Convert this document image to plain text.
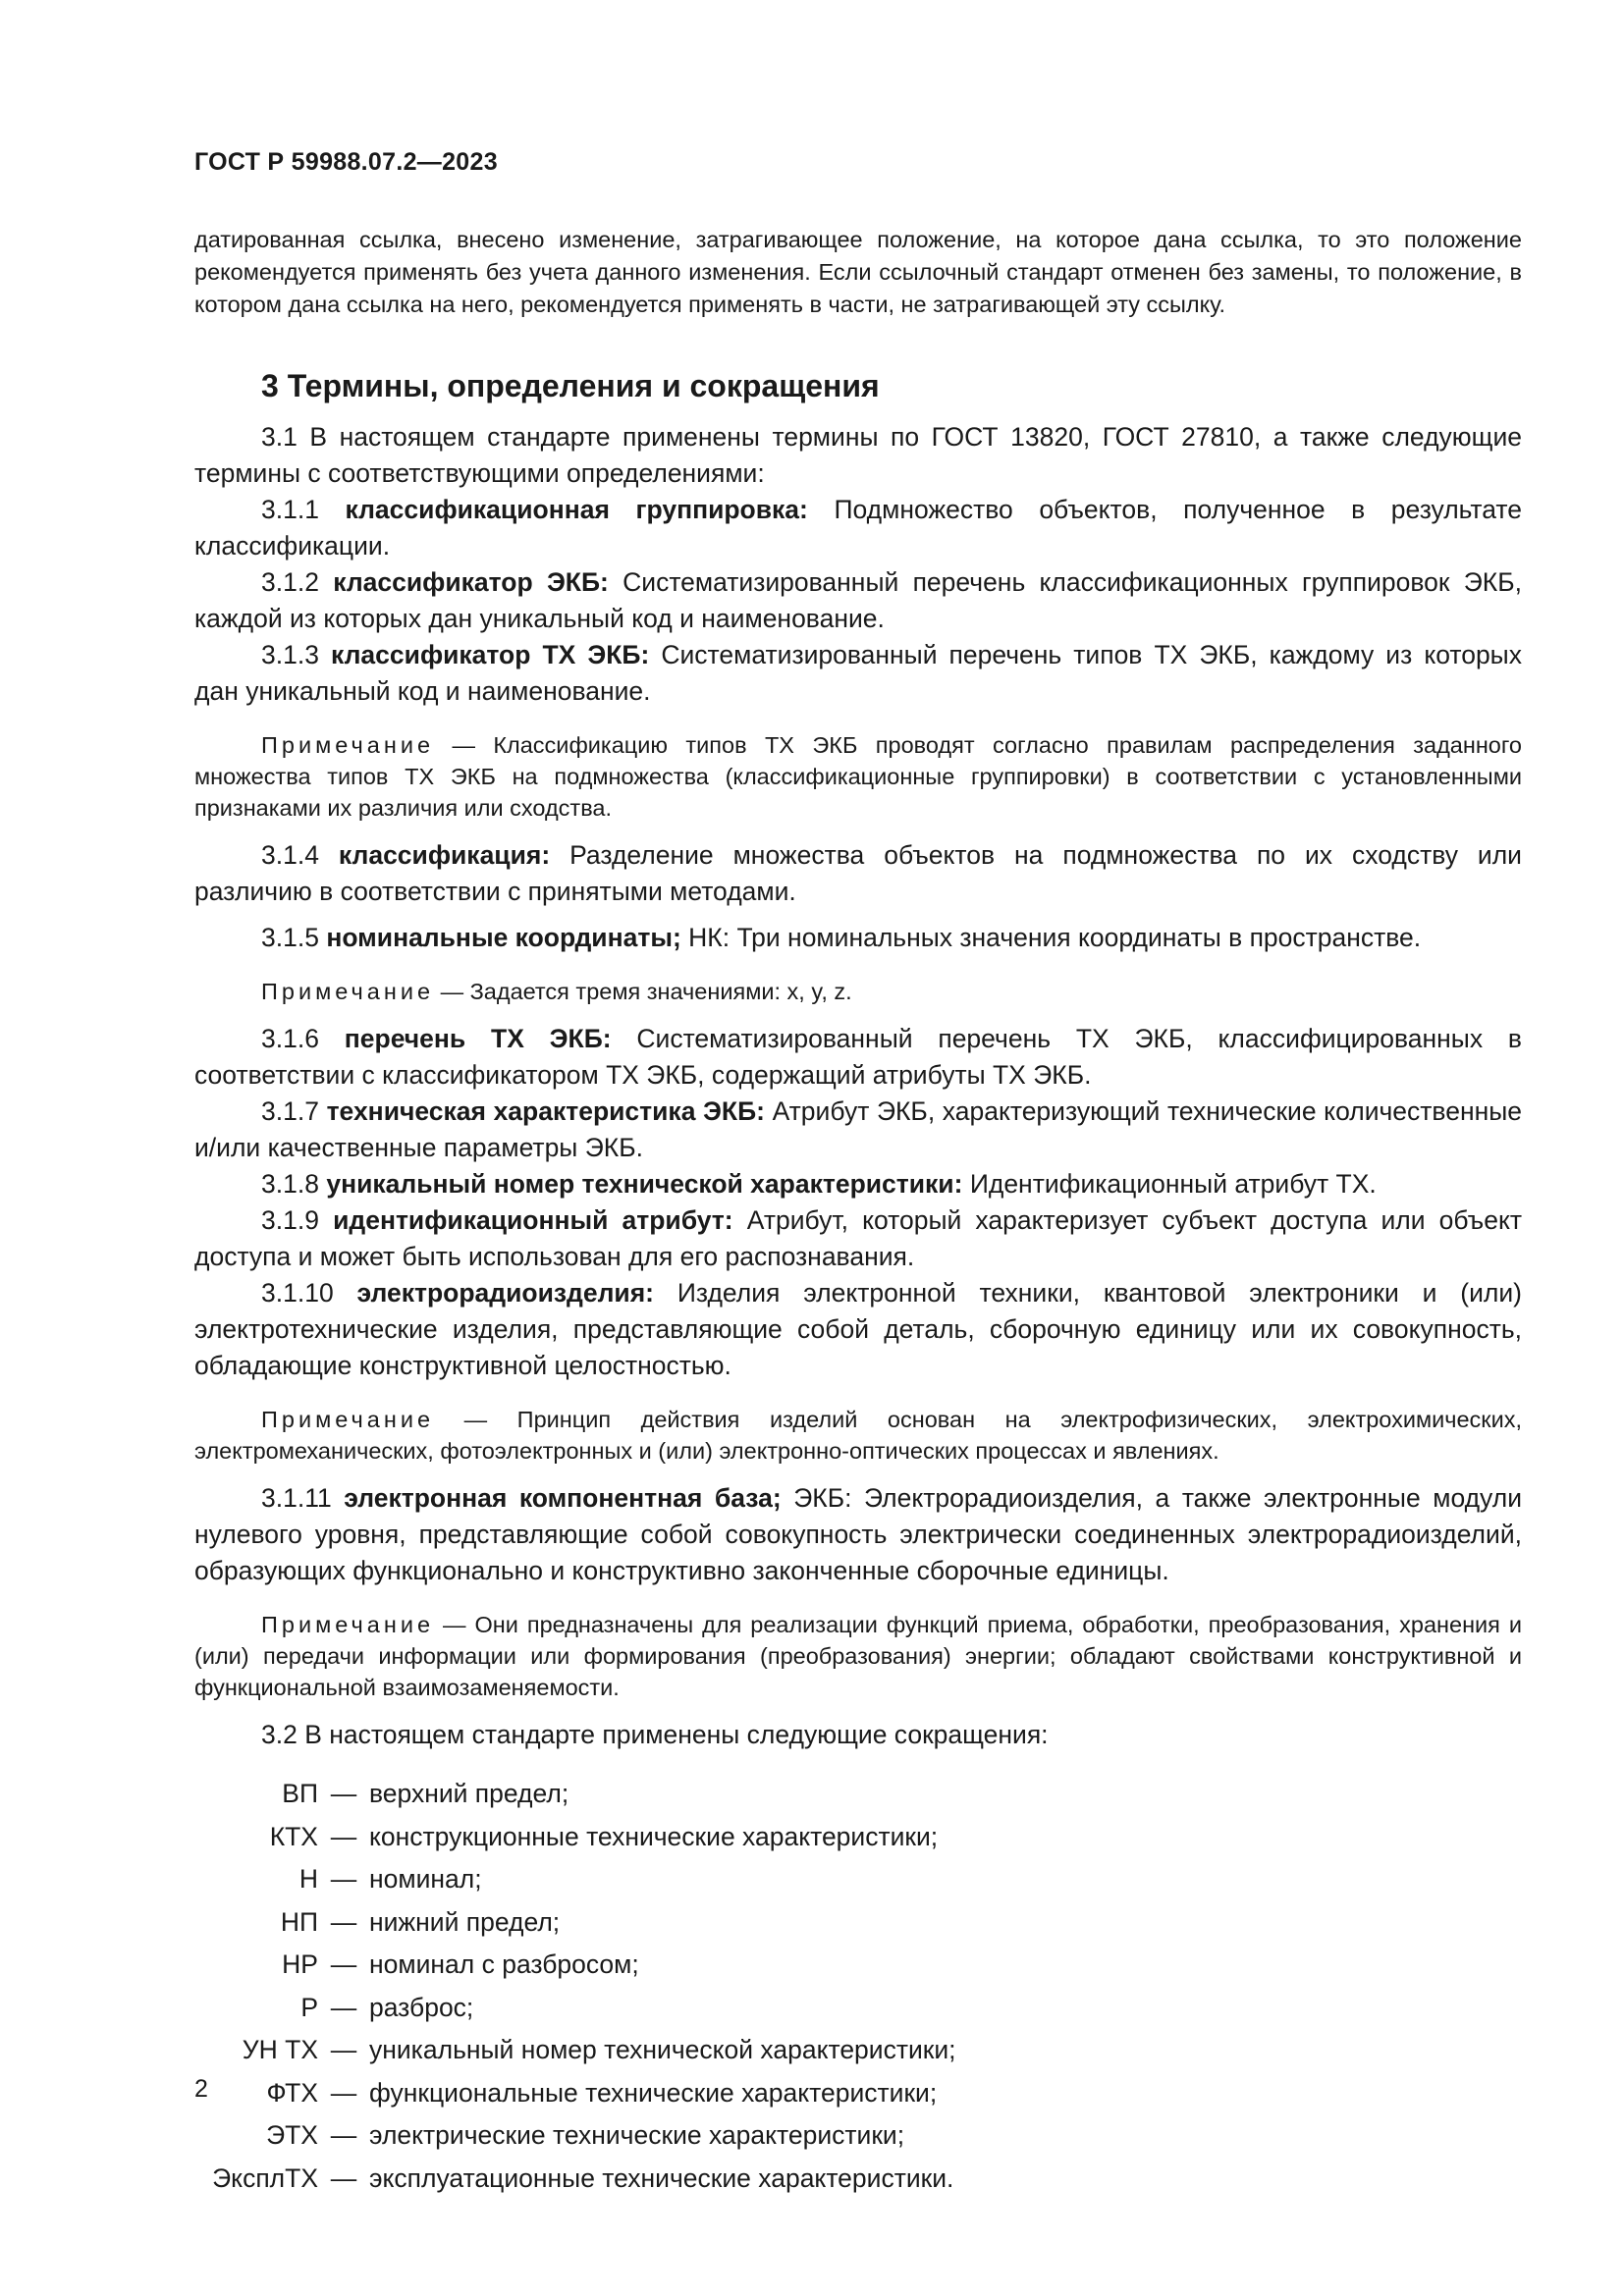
ГОСТ Р 59988.07.2—2023

датированная ссылка, внесено изменение, затрагивающее положение, на которое дана ссылка, то это положение рекомендуется применять без учета данного изменения. Если ссылочный стандарт отменен без замены, то положение, в котором дана ссылка на него, рекомендуется применять в части, не затрагивающей эту ссылку.

3 Термины, определения и сокращения

3.1 В настоящем стандарте применены термины по ГОСТ 13820, ГОСТ 27810, а также следующие термины с соответствующими определениями:

3.1.1 классификационная группировка: Подмножество объектов, полученное в результате классификации.

3.1.2 классификатор ЭКБ: Систематизированный перечень классификационных группировок ЭКБ, каждой из которых дан уникальный код и наименование.

3.1.3 классификатор ТХ ЭКБ: Систематизированный перечень типов ТХ ЭКБ, каждому из которых дан уникальный код и наименование.

Примечание — Классификацию типов ТХ ЭКБ проводят согласно правилам распределения заданного множества типов ТХ ЭКБ на подмножества (классификационные группировки) в соответствии с установленными признаками их различия или сходства.

3.1.4 классификация: Разделение множества объектов на подмножества по их сходству или различию в соответствии с принятыми методами.

3.1.5 номинальные координаты; НК: Три номинальных значения координаты в пространстве.

Примечание — Задается тремя значениями: x, y, z.

3.1.6 перечень ТХ ЭКБ: Систематизированный перечень ТХ ЭКБ, классифицированных в соответствии с классификатором ТХ ЭКБ, содержащий атрибуты ТХ ЭКБ.

3.1.7 техническая характеристика ЭКБ: Атрибут ЭКБ, характеризующий технические количественные и/или качественные параметры ЭКБ.

3.1.8 уникальный номер технической характеристики: Идентификационный атрибут ТХ.

3.1.9 идентификационный атрибут: Атрибут, который характеризует субъект доступа или объект доступа и может быть использован для его распознавания.

3.1.10 электрорадиоизделия: Изделия электронной техники, квантовой электроники и (или) электротехнические изделия, представляющие собой деталь, сборочную единицу или их совокупность, обладающие конструктивной целостностью.

Примечание — Принцип действия изделий основан на электрофизических, электрохимических, электромеханических, фотоэлектронных и (или) электронно-оптических процессах и явлениях.

3.1.11 электронная компонентная база; ЭКБ: Электрорадиоизделия, а также электронные модули нулевого уровня, представляющие собой совокупность электрически соединенных электрорадиоизделий, образующих функционально и конструктивно законченные сборочные единицы.

Примечание — Они предназначены для реализации функций приема, обработки, преобразования, хранения и (или) передачи информации или формирования (преобразования) энергии; обладают свойствами конструктивной и функциональной взаимозаменяемости.

3.2 В настоящем стандарте применены следующие сокращения:

ВП — верхний предел;
КТХ — конструкционные технические характеристики;
Н — номинал;
НП — нижний предел;
НР — номинал с разбросом;
Р — разброс;
УН ТХ — уникальный номер технической характеристики;
ФТХ — функциональные технические характеристики;
ЭТХ — электрические технические характеристики;
ЭксплТХ — эксплуатационные технические характеристики.
2
